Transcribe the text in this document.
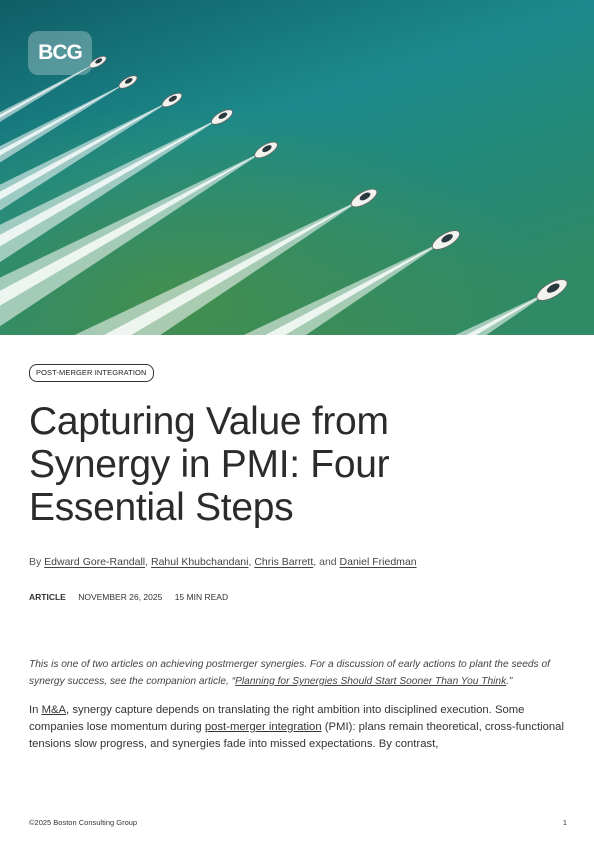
BCG
POST-MERGER INTEGRATION
Capturing Value from
Synergy in PMI: Four
Essential Steps
By Edward Gore-Randall, Rahul Khubchandani, Chris Barrett, and Daniel Friedman
ARTICLE NOVEMBER 26, 2025 15 MIN READ

This is one of two articles on achieving postmerger synergies. For a discussion of early actions to plant the seeds of synergy success, see the companion article, “Planning for Synergies Should Start Sooner Than You Think.”

In M&A, synergy capture depends on translating the right ambition into disciplined execution. Some companies lose momentum during post-merger integration (PMI): plans remain theoretical, cross-functional tensions slow progress, and synergies fade into missed expectations. By contrast,

©2025 Boston Consulting Group	1
